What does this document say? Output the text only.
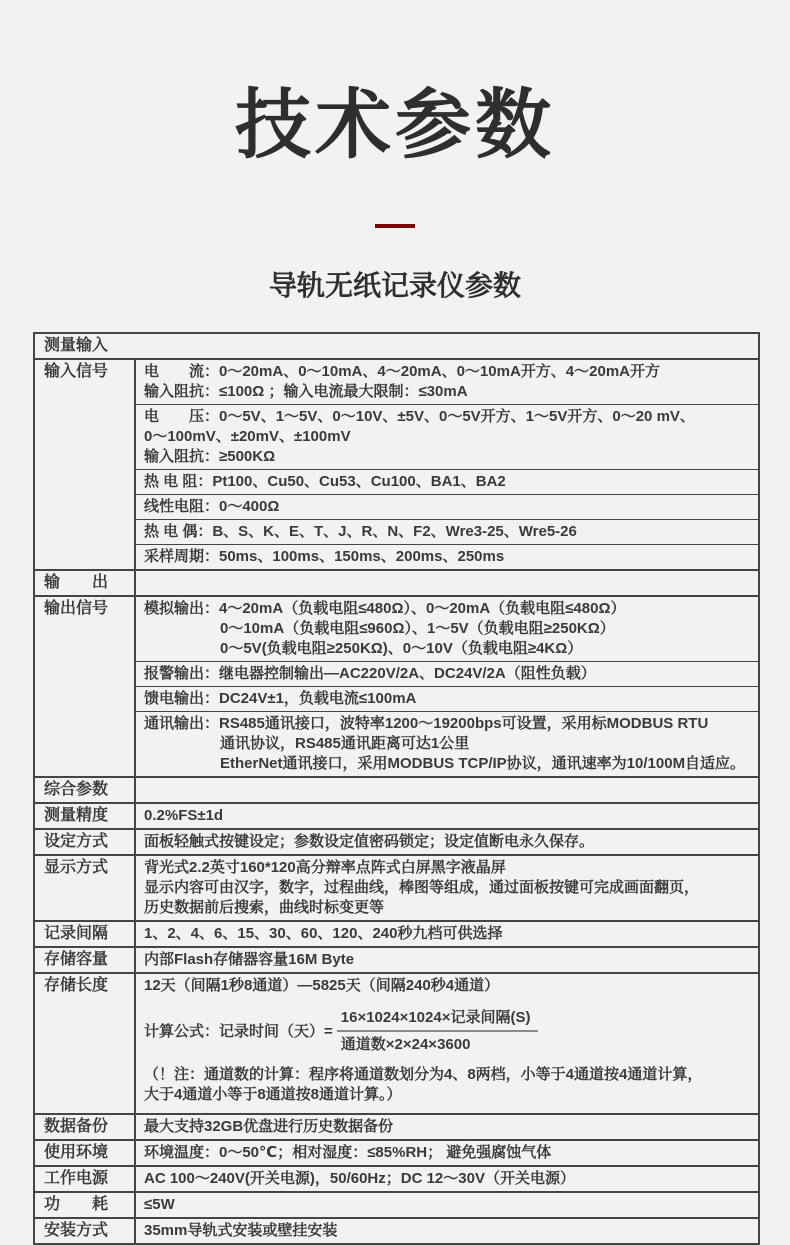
技术参数
导轨无纸记录仪参数
测量输入
输入信号	电　　流：0～20mA、0～10mA、4～20mA、0～10mA开方、4～20mA开方
输入阻抗：≤100Ω ；输入电流最大限制：≤30mA
电　　压：0～5V、1～5V、0～10V、±5V、0～5V开方、1～5V开方、0～20 mV、
0～100mV、±20mV、±100mV
输入阻抗：≥500KΩ
热 电 阻：Pt100、Cu50、Cu53、Cu100、BA1、BA2
线性电阻：0～400Ω
热 电 偶：B、S、K、E、T、J、R、N、F2、Wre3-25、Wre5-26
采样周期：50ms、100ms、150ms、200ms、250ms
输　　出
输出信号	模拟输出：4～20mA（负载电阻≤480Ω）、0～20mA（负载电阻≤480Ω）
0～10mA（负载电阻≤960Ω）、1～5V（负载电阻≥250KΩ）
0～5V(负载电阻≥250KΩ)、0～10V（负载电阻≥4KΩ）
报警输出：继电器控制输出—AC220V/2A、DC24V/2A（阻性负载）
馈电输出：DC24V±1，负载电流≤100mA
通讯输出：RS485通讯接口，波特率1200～19200bps可设置，采用标MODBUS RTU
通讯协议，RS485通讯距离可达1公里
EtherNet通讯接口，采用MODBUS TCP/IP协议，通讯速率为10/100M自适应。
综合参数
测量精度	0.2%FS±1d
设定方式	面板轻触式按键设定；参数设定值密码锁定；设定值断电永久保存。
显示方式	背光式2.2英寸160*120高分辩率点阵式白屏黑字液晶屏
显示内容可由汉字，数字，过程曲线，棒图等组成，通过面板按键可完成画面翻页，
历史数据前后搜索，曲线时标变更等
记录间隔	1、2、4、6、15、30、60、120、240秒九档可供选择
存储容量	内部Flash存储器容量16M Byte
存储长度	12天（间隔1秒8通道）—5825天（间隔240秒4通道）
计算公式：记录时间（天）= $\frac{\text{16×1024×1024×记录间隔(S)}}{\text{通道数×2×24×3600}}$
（！注：通道数的计算：程序将通道数划分为4、8两档，小等于4通道按4通道计算，
大于4通道小等于8通道按8通道计算。）
数据备份	最大支持32GB优盘进行历史数据备份
使用环境	环境温度：0～50℃；相对湿度：≤85%RH； 避免强腐蚀气体
工作电源	AC 100～240V(开关电源)，50/60Hz；DC 12～30V（开关电源）
功　　耗	≤5W
安装方式	35mm导轨式安装或壁挂安装
